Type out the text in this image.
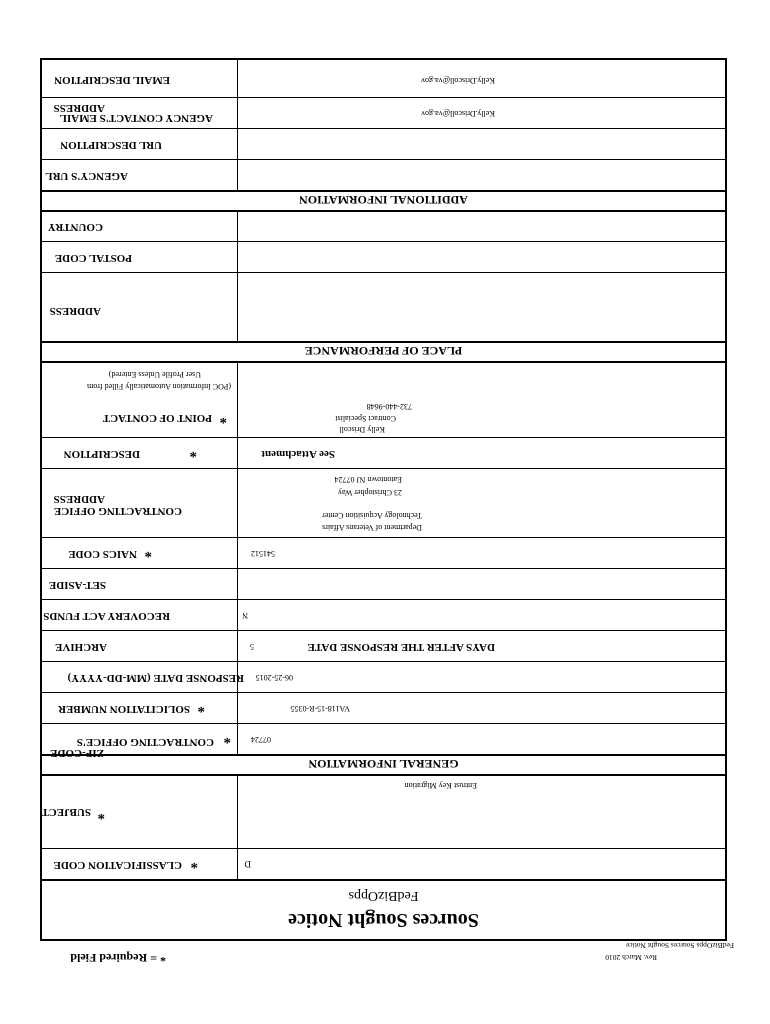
Sources Sought Notice
FedBizOpps
D
*
CLASSIFICATION CODE
Entrust Key Migration
*
SUBJECT
GENERAL INFORMATION
07724
*
CONTRACTING OFFICE'S
ZIP-CODE
VA118-15-R-0355
*
SOLICITATION NUMBER
06-25-2015
RESPONSE DATE (MM-DD-YYYY)
DAYS AFTER THE RESPONSE DATE
5
ARCHIVE
N
RECOVERY ACT FUNDS
SET-ASIDE
541512
*
NAICS CODE
Department of Veterans Affairs
Technology Acquisition Center
23 Christopher Way
Eatontown NJ 07724
CONTRACTING OFFICE
ADDRESS
See Attachment
*
DESCRIPTION
Kelly Driscoll
Contract Specialist
732-440-9648
*
POINT OF CONTACT
(POC Information Automatically Filled from
User Profile Unless Entered)
PLACE OF PERFORMANCE
ADDRESS
POSTAL CODE
COUNTRY
ADDITIONAL INFORMATION
AGENCY'S URL
URL DESCRIPTION
Kelly.Driscoll@va.gov
AGENCY CONTACT'S EMAIL
ADDRESS
Kelly.Driscoll@va.gov
EMAIL DESCRIPTION
* = Required Field
FedBizOpps Sources Sought Notice
Rev. March 2010
